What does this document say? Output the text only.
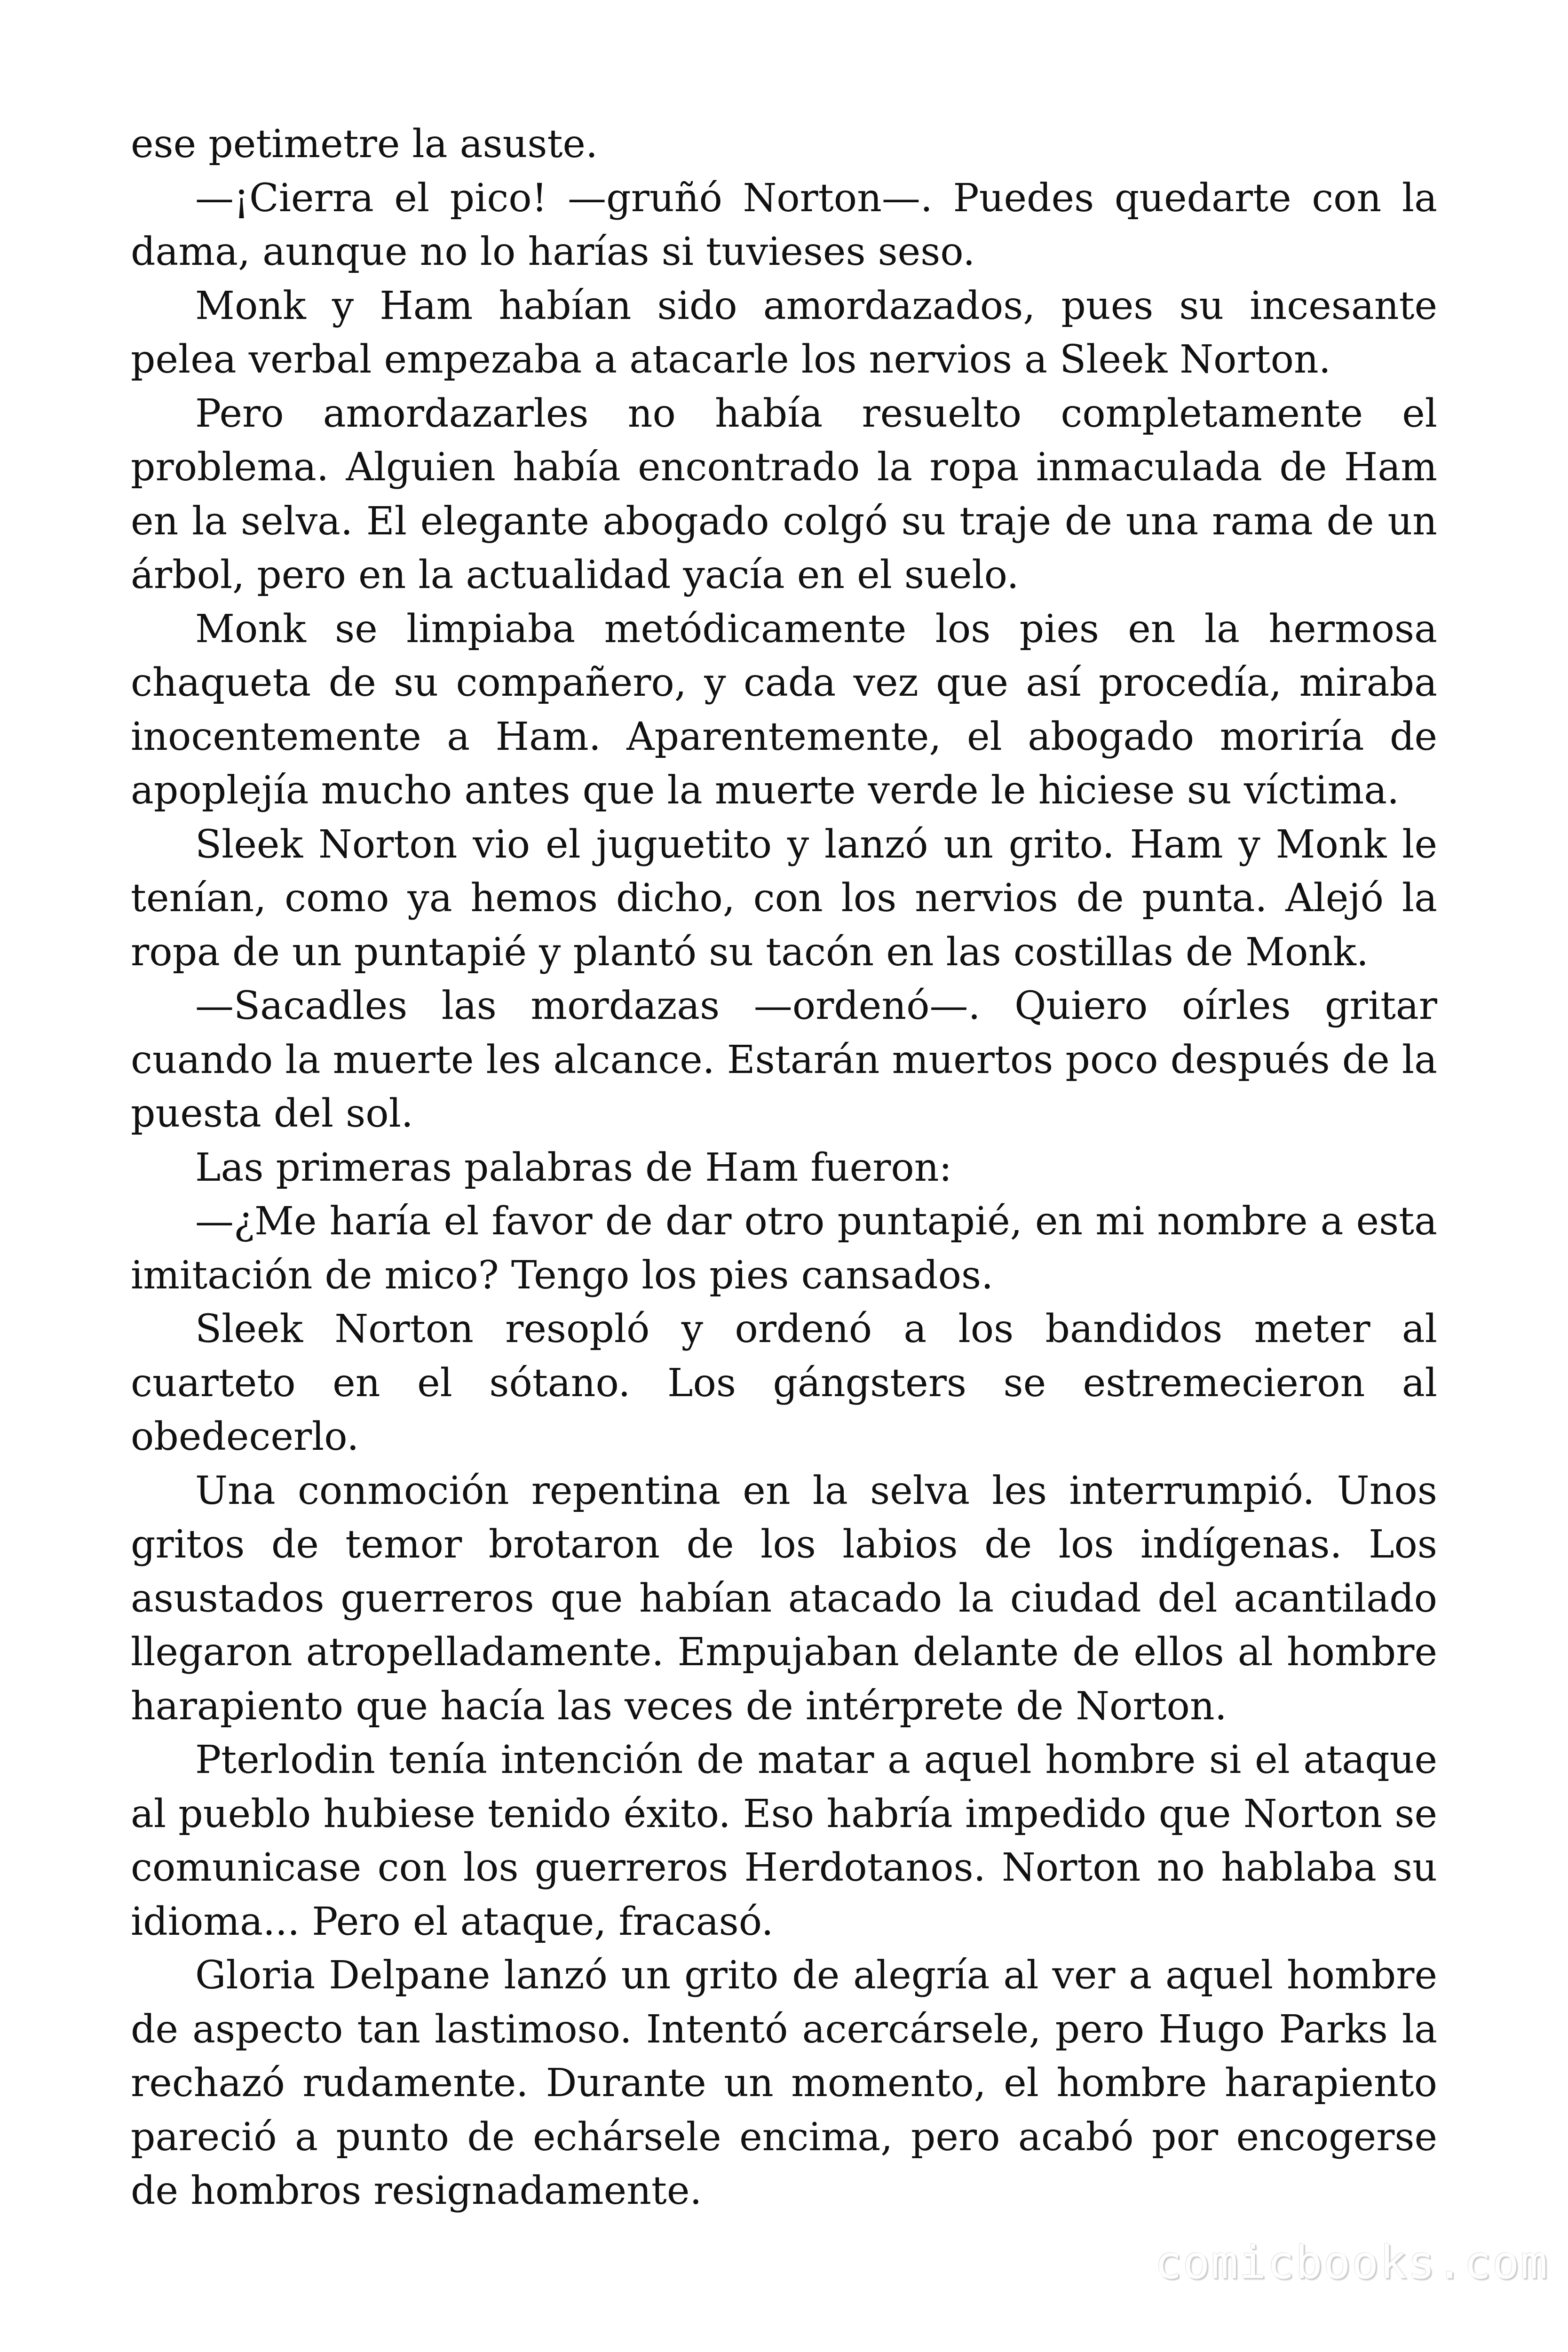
ese petimetre la asuste.

—¡Cierra el pico! —gruñó Norton—. Puedes quedarte con la dama, aunque no lo harías si tuvieses seso.

Monk y Ham habían sido amordazados, pues su incesante pelea verbal empezaba a atacarle los nervios a Sleek Norton.

Pero amordazarles no había resuelto completamente el problema. Alguien había encontrado la ropa inmaculada de Ham en la selva. El elegante abogado colgó su traje de una rama de un árbol, pero en la actualidad yacía en el suelo.

Monk se limpiaba metódicamente los pies en la hermosa chaqueta de su compañero, y cada vez que así procedía, miraba inocentemente a Ham. Aparentemente, el abogado moriría de apoplejía mucho antes que la muerte verde le hiciese su víctima.

Sleek Norton vio el juguetito y lanzó un grito. Ham y Monk le tenían, como ya hemos dicho, con los nervios de punta. Alejó la ropa de un puntapié y plantó su tacón en las costillas de Monk.

—Sacadles las mordazas —ordenó—. Quiero oírles gritar cuando la muerte les alcance. Estarán muertos poco después de la puesta del sol.

Las primeras palabras de Ham fueron:

—¿Me haría el favor de dar otro puntapié, en mi nombre a esta imitación de mico? Tengo los pies cansados.

Sleek Norton resopló y ordenó a los bandidos meter al cuarteto en el sótano. Los gángsters se estremecieron al obedecerlo.

Una conmoción repentina en la selva les interrumpió. Unos gritos de temor brotaron de los labios de los indígenas. Los asustados guerreros que habían atacado la ciudad del acantilado llegaron atropelladamente. Empujaban delante de ellos al hombre harapiento que hacía las veces de intérprete de Norton.

Pterlodin tenía intención de matar a aquel hombre si el ataque al pueblo hubiese tenido éxito. Eso habría impedido que Norton se comunicase con los guerreros Herdotanos. Norton no hablaba su idioma... Pero el ataque, fracasó.

Gloria Delpane lanzó un grito de alegría al ver a aquel hombre de aspecto tan lastimoso. Intentó acercársele, pero Hugo Parks la rechazó rudamente. Durante un momento, el hombre harapiento pareció a punto de echársele encima, pero acabó por encogerse de hombros resignadamente.

comicbooks.com
